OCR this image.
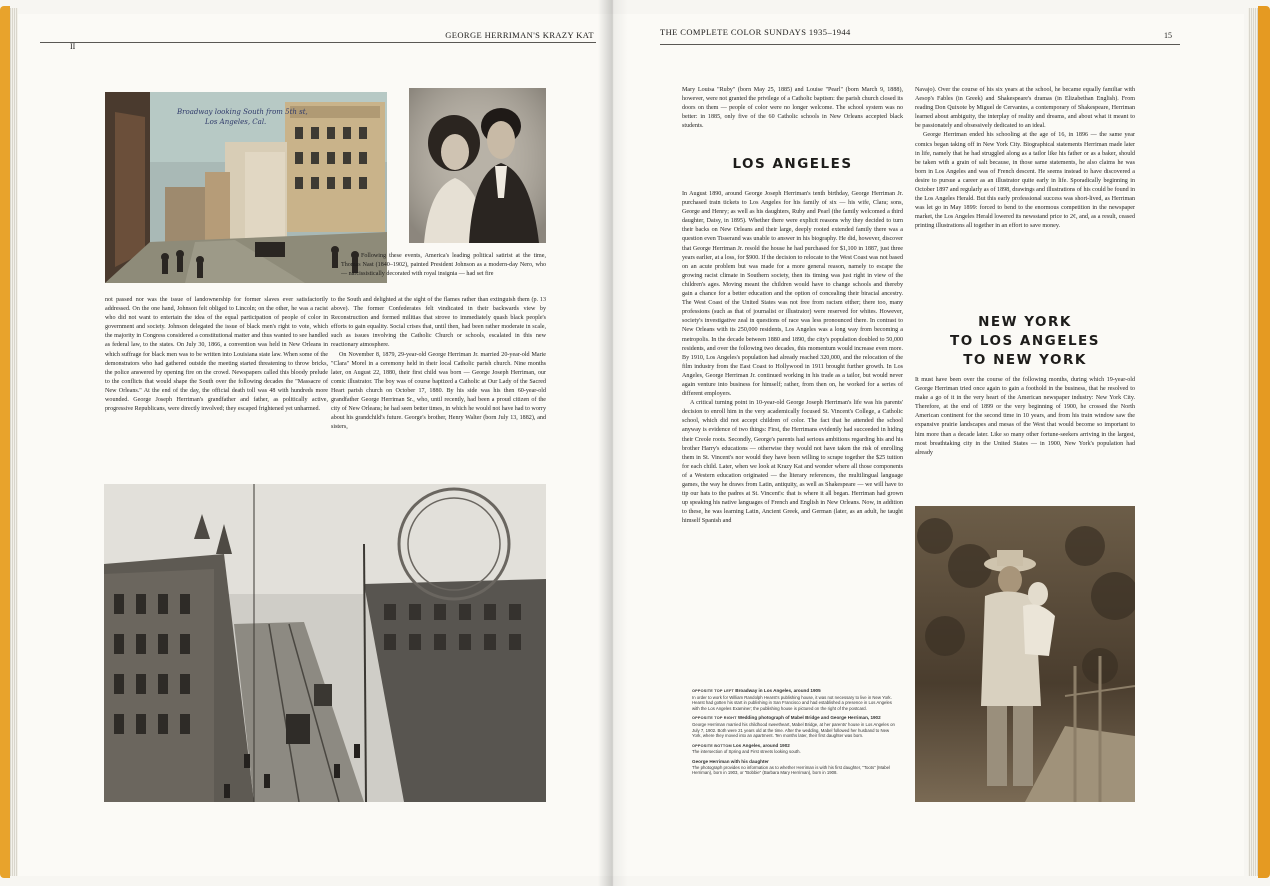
II
GEORGE HERRIMAN'S KRAZY KAT
Broadway looking South from 5th st,
Los Angeles, Cal.

Following these events, America's leading political satirist at the time, Thomas Nast (1840–1902), painted President Johnson as a modern-day Nero, who — narcissistically decorated with royal insignia — had set fire

not passed nor was the issue of landownership for former slaves ever satisfactorily addressed. On the one hand, Johnson felt obliged to Lincoln; on the other, he was a racist who did not want to entertain the idea of the equal participation of people of color in government and society. Johnson delegated the issue of black men's right to vote, which the majority in Congress considered a constitutional matter and thus wanted to see handled as federal law, to the states. On July 30, 1866, a convention was held in New Orleans in which suffrage for black men was to be written into Louisiana state law. When some of the demonstrators who had gathered outside the meeting started threatening to throw bricks, the police answered by opening fire on the crowd. Newspapers called this bloody prelude to the conflicts that would shape the South over the following decades the "Massacre of New Orleans." At the end of the day, the official death toll was 48 with hundreds more wounded. George Joseph Herriman's grandfather and father, as politically active, progressive Republicans, were directly involved; they escaped frightened yet unharmed.

to the South and delighted at the sight of the flames rather than extinguish them (p. 13 above). The former Confederates felt vindicated in their backwards view by Reconstruction and formed militias that strove to immediately quash black people's efforts to gain equality. Social crises that, until then, had been rather moderate in scale, such as issues involving the Catholic Church or schools, escalated in this new reactionary atmosphere.

On November 8, 1879, 29-year-old George Herriman Jr. married 20-year-old Marie "Clara" Morel in a ceremony held in their local Catholic parish church. Nine months later, on August 22, 1880, their first child was born — George Joseph Herriman, our comic illustrator. The boy was of course baptized a Catholic at Our Lady of the Sacred Heart parish church on October 17, 1880. By his side was his then 60-year-old grandfather George Herriman Sr., who, until recently, had been a proud citizen of the city of New Orleans; he had seen better times, in which he would not have had to worry about his grandchild's future. George's brother, Henry Walter (born July 13, 1882), and sisters,

THE COMPLETE COLOR SUNDAYS 1935–1944	15

Mary Louisa "Ruby" (born May 25, 1885) and Louise "Pearl" (born March 9, 1888), however, were not granted the privilege of a Catholic baptism: the parish church closed its doors on them — people of color were no longer welcome. The school system was no better: in 1885, only five of the 60 Catholic schools in New Orleans accepted black students.

LOS ANGELES

In August 1890, around George Joseph Herriman's tenth birthday, George Herriman Jr. purchased train tickets to Los Angeles for his family of six — his wife, Clara; sons, George and Henry; as well as his daughters, Ruby and Pearl (the family welcomed a third daughter, Daisy, in 1895). Whether there were explicit reasons why they decided to turn their backs on New Orleans and their large, deeply rooted extended family there was a question even Tisserand was unable to answer in his biography. He did, however, discover that George Herriman Jr. resold the house he had purchased for $1,100 in 1887, just three years earlier, at a loss, for $900. If the decision to relocate to the West Coast was not based on an acute problem but was made for a more general reason, namely to escape the growing racist climate in Southern society, then its timing was just right in view of the children's ages. Moving meant the children would have to change schools and thereby gain a chance for a better education and the option of concealing their biracial ancestry. The West Coast of the United States was not free from racism either; there too, many professions (such as that of journalist or illustrator) were reserved for whites. However, society's investigative zeal in questions of race was less pronounced there. In contrast to New Orleans with its 250,000 residents, Los Angeles was a long way from becoming a metropolis. In the decade between 1880 and 1890, the city's population doubled to 50,000 residents, and over the following two decades, this momentum would increase even more. By 1910, Los Angeles's population had already reached 320,000, and the relocation of the film industry from the East Coast to Hollywood in 1911 brought further growth. In Los Angeles, George Herriman Jr. continued working in his trade as a tailor, but would never again venture into business for himself; rather, from then on, he worked for a series of different employers.

A critical turning point in 10-year-old George Joseph Herriman's life was his parents' decision to enroll him in the very academically focused St. Vincent's College, a Catholic school, which did not accept children of color. The fact that he attended the school anyway is evidence of two things: First, the Herrimans evidently had succeeded in hiding their Creole roots. Secondly, George's parents had serious ambitions regarding his and his brother Harry's educations — otherwise they would not have taken the risk of enrolling them in St. Vincent's nor would they have been willing to scrape together the $25 tuition for each child. Later, when we look at Krazy Kat and wonder where all those components of a Western education originated — the literary references, the multilingual language games, the way he draws from Latin, antiquity, as well as Shakespeare — we will have to tip our hats to the padres at St. Vincent's: that is where it all began. Herriman had grown up speaking his native languages of French and English in New Orleans. Now, in addition to these, he was learning Latin, Ancient Greek, and German (later, as an adult, he taught himself Spanish and

OPPOSITE TOP LEFT Broadway in Los Angeles, around 1905
In order to work for William Randolph Hearst's publishing house, it was not necessary to live in New York. Hearst had gotten his start in publishing in San Francisco and had established a presence in Los Angeles with the Los Angeles Examiner; the publishing house is pictured on the right of the postcard.
OPPOSITE TOP RIGHT Wedding photograph of Mabel Bridge and George Herriman, 1902
George Herriman married his childhood sweetheart, Mabel Bridge, at her parents' house in Los Angeles on July 7, 1902. Both were 21 years old at the time. After the wedding, Mabel followed her husband to New York, where they moved into an apartment. Ten months later, their first daughter was born.
OPPOSITE BOTTOM Los Angeles, around 1902
The intersection of Spring and First streets looking south.
George Herriman with his daughter
The photograph provides no information as to whether Herriman is with his first daughter, "Toots" (Mabel Herriman), born in 1903, or "Bobbie" (Barbara Mary Herriman), born in 1908.

Navajo). Over the course of his six years at the school, he became equally familiar with Aesop's Fables (in Greek) and Shakespeare's dramas (in Elizabethan English). From reading Don Quixote by Miguel de Cervantes, a contemporary of Shakespeare, Herriman learned about ambiguity, the interplay of reality and dreams, and about what it meant to be passionately and obsessively dedicated to an ideal.

George Herriman ended his schooling at the age of 16, in 1896 — the same year comics began taking off in New York City. Biographical statements Herriman made later in life, namely that he had struggled along as a tailor like his father or as a baker, should be taken with a grain of salt because, in those same statements, he also claims he was born in Los Angeles and was of French descent. He seems instead to have discovered a desire to pursue a career as an illustrator quite early in life. Sporadically beginning in October 1897 and regularly as of 1898, drawings and illustrations of his could be found in the Los Angeles Herald. But this early professional success was short-lived, as Herriman was let go in May 1899: forced to bend to the enormous competition in the newspaper market, the Los Angeles Herald lowered its newsstand price to 2¢, and, as a result, ceased printing illustrations all together in an effort to save money.

NEW YORK
TO LOS ANGELES
TO NEW YORK

It must have been over the course of the following months, during which 19-year-old George Herriman tried once again to gain a foothold in the business, that he resolved to make a go of it in the very heart of the American newspaper industry: New York City. Therefore, at the end of 1899 or the very beginning of 1900, he crossed the North American continent for the second time in 10 years, and from his train window saw the expansive prairie landscapes and mesas of the West that would become so important to him more than a decade later. Like so many other fortune-seekers arriving in the largest, most breathtaking city in the United States — in 1900, New York's population had already
